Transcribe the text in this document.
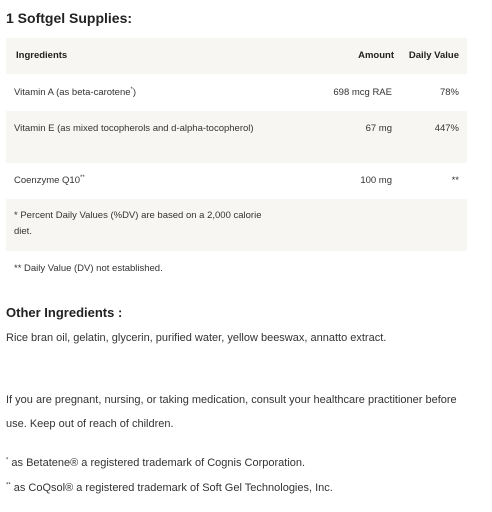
1 Softgel Supplies:
Ingredients	Amount	Daily Value
Vitamin A (as beta-carotene*)	698 mcg RAE	78%
Vitamin E (as mixed tocopherols and d-alpha-tocopherol)	67 mg	447%
Coenzyme Q10**	100 mg	**
* Percent Daily Values (%DV) are based on a 2,000 calorie diet.
** Daily Value (DV) not established.
Other Ingredients :
Rice bran oil, gelatin, glycerin, purified water, yellow beeswax, annatto extract.
If you are pregnant, nursing, or taking medication, consult your healthcare practitioner before use. Keep out of reach of children.
* as Betatene® a registered trademark of Cognis Corporation.
** as CoQsol® a registered trademark of Soft Gel Technologies, Inc.
